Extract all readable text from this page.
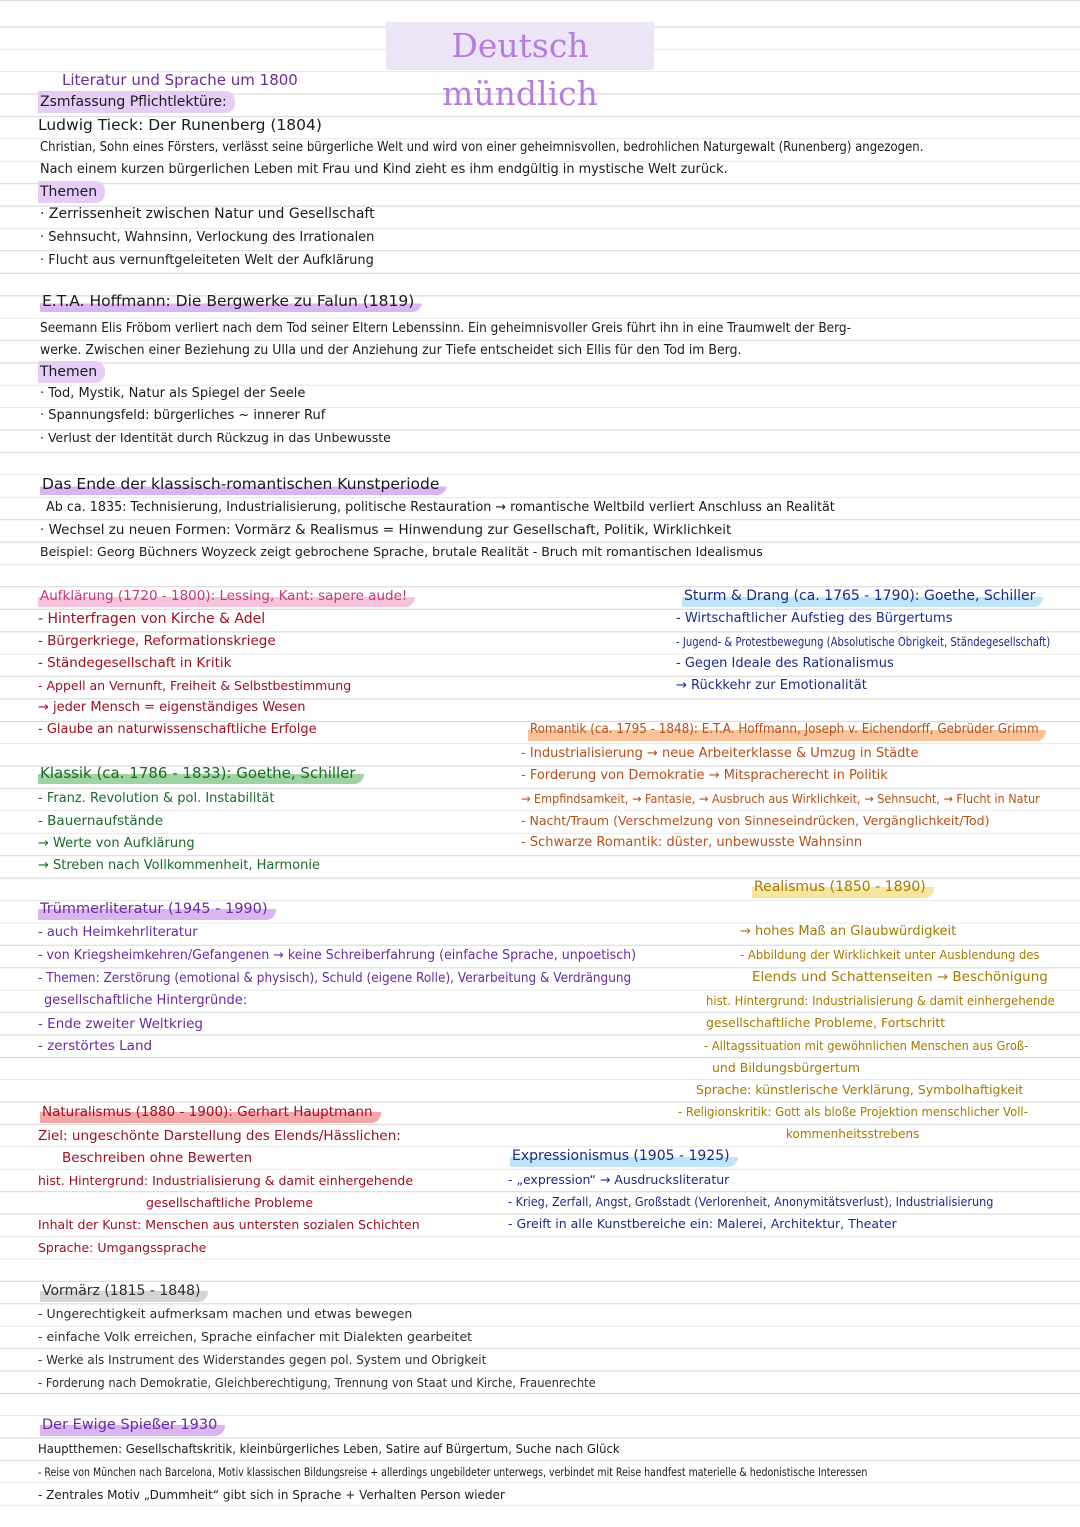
Deutsch mündlich
Literatur und Sprache um 1800
Zsmfassung Pflichtlektüre:
Ludwig Tieck: Der Runenberg (1804)
Christian, Sohn eines Försters, verlässt seine bürgerliche Welt und wird von einer geheimnisvollen, bedrohlichen Naturgewalt (Runenberg) angezogen.
Nach einem kurzen bürgerlichen Leben mit Frau und Kind zieht es ihm endgültig in mystische Welt zurück.
Themen
· Zerrissenheit zwischen Natur und Gesellschaft
· Sehnsucht, Wahnsinn, Verlockung des Irrationalen
· Flucht aus vernunftgeleiteten Welt der Aufklärung
E.T.A. Hoffmann: Die Bergwerke zu Falun (1819)
Seemann Elis Fröbom verliert nach dem Tod seiner Eltern Lebenssinn. Ein geheimnisvoller Greis führt ihn in eine Traumwelt der Berg-
werke. Zwischen einer Beziehung zu Ulla und der Anziehung zur Tiefe entscheidet sich Ellis für den Tod im Berg.
Themen
· Tod, Mystik, Natur als Spiegel der Seele
· Spannungsfeld: bürgerliches ~ innerer Ruf
· Verlust der Identität durch Rückzug in das Unbewusste
Das Ende der klassisch-romantischen Kunstperiode
Ab ca. 1835: Technisierung, Industrialisierung, politische Restauration → romantische Weltbild verliert Anschluss an Realität
· Wechsel zu neuen Formen: Vormärz & Realismus = Hinwendung zur Gesellschaft, Politik, Wirklichkeit
Beispiel: Georg Büchners Woyzeck zeigt gebrochene Sprache, brutale Realität - Bruch mit romantischen Idealismus
Aufklärung (1720 - 1800): Lessing, Kant: sapere aude!
- Hinterfragen von Kirche & Adel
- Bürgerkriege, Reformationskriege
- Ständegesellschaft in Kritik
- Appell an Vernunft, Freiheit & Selbstbestimmung
→ jeder Mensch = eigenständiges Wesen
- Glaube an naturwissenschaftliche Erfolge
Sturm & Drang (ca. 1765 - 1790): Goethe, Schiller
- Wirtschaftlicher Aufstieg des Bürgertums
- Jugend- & Protestbewegung (Absolutische Obrigkeit, Ständegesellschaft)
- Gegen Ideale des Rationalismus
→ Rückkehr zur Emotionalität
Romantik (ca. 1795 - 1848): E.T.A. Hoffmann, Joseph v. Eichendorff, Gebrüder Grimm
- Industrialisierung → neue Arbeiterklasse & Umzug in Städte
- Forderung von Demokratie → Mitspracherecht in Politik
→ Empfindsamkeit, → Fantasie, → Ausbruch aus Wirklichkeit, → Sehnsucht, → Flucht in Natur
- Nacht/Traum (Verschmelzung von Sinneseindrücken, Vergänglichkeit/Tod)
- Schwarze Romantik: düster, unbewusste Wahnsinn
Klassik (ca. 1786 - 1833): Goethe, Schiller
- Franz. Revolution & pol. Instabilität
- Bauernaufstände
→ Werte von Aufklärung
→ Streben nach Vollkommenheit, Harmonie
Realismus (1850 - 1890)
→ hohes Maß an Glaubwürdigkeit
- Abbildung der Wirklichkeit unter Ausblendung des
Elends und Schattenseiten → Beschönigung
hist. Hintergrund: Industrialisierung & damit einhergehende
gesellschaftliche Probleme, Fortschritt
- Alltagssituation mit gewöhnlichen Menschen aus Groß-
und Bildungsbürgertum
Sprache: künstlerische Verklärung, Symbolhaftigkeit
- Religionskritik: Gott als bloße Projektion menschlicher Voll-
kommenheitsstrebens
Trümmerliteratur (1945 - 1990)
- auch Heimkehrliteratur
- von Kriegsheimkehren/Gefangenen → keine Schreiberfahrung (einfache Sprache, unpoetisch)
- Themen: Zerstörung (emotional & physisch), Schuld (eigene Rolle), Verarbeitung & Verdrängung
gesellschaftliche Hintergründe:
- Ende zweiter Weltkrieg
- zerstörtes Land
Naturalismus (1880 - 1900): Gerhart Hauptmann
Ziel: ungeschönte Darstellung des Elends/Hässlichen:
Beschreiben ohne Bewerten
hist. Hintergrund: Industrialisierung & damit einhergehende
gesellschaftliche Probleme
Inhalt der Kunst: Menschen aus untersten sozialen Schichten
Sprache: Umgangssprache
Expressionismus (1905 - 1925)
- „expression“ → Ausdrucksliteratur
- Krieg, Zerfall, Angst, Großstadt (Verlorenheit, Anonymitätsverlust), Industrialisierung
- Greift in alle Kunstbereiche ein: Malerei, Architektur, Theater
Vormärz (1815 - 1848)
- Ungerechtigkeit aufmerksam machen und etwas bewegen
- einfache Volk erreichen, Sprache einfacher mit Dialekten gearbeitet
- Werke als Instrument des Widerstandes gegen pol. System und Obrigkeit
- Forderung nach Demokratie, Gleichberechtigung, Trennung von Staat und Kirche, Frauenrechte
Der Ewige Spießer 1930
Hauptthemen: Gesellschaftskritik, kleinbürgerliches Leben, Satire auf Bürgertum, Suche nach Glück
- Reise von München nach Barcelona, Motiv klassischen Bildungsreise + allerdings ungebildeter unterwegs, verbindet mit Reise handfest materielle & hedonistische Interessen
- Zentrales Motiv „Dummheit“ gibt sich in Sprache + Verhalten Person wieder
